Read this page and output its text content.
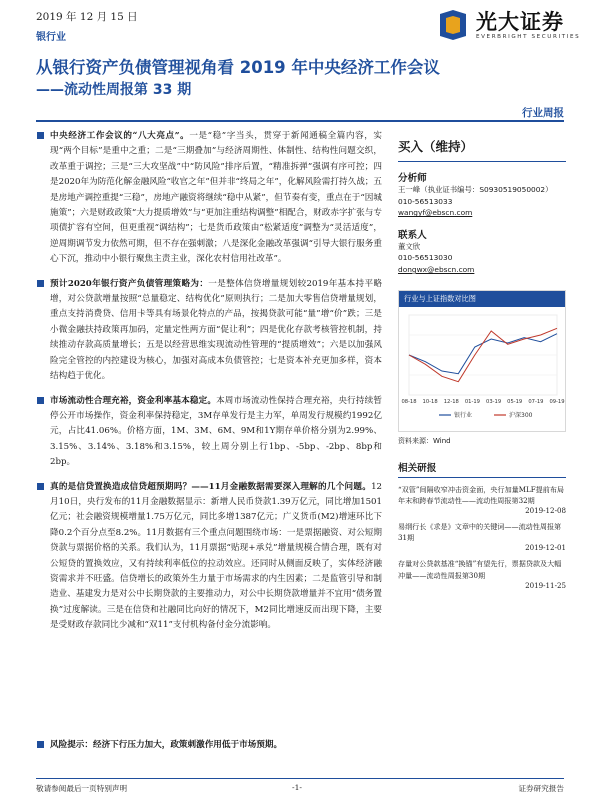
2019 年 12 月 15 日
银行业
光大证券
EVERBRIGHT SECURITIES
从银行资产负债管理视角看 2019 年中央经济工作会议
——流动性周报第 33 期
行业周报
中央经济工作会议的“八大亮点”。一是“稳”字当头，贯穿于新闻通稿全篇内容，实现“两个目标”是重中之重；二是“三期叠加”与经济周期性、体制性、结构性问题交织，改革重于调控；三是“三大攻坚战”中“防风险”排序后置，“精准拆弹”强调有序可控；四是2020年为防范化解金融风险“收官之年”但并非“终局之年”，化解风险需打持久战；五是房地产调控重提“三稳”，房地产融资将继续“稳中从紧”，但节奏有变，重点在于“因城施策”；六是财政政策“大力提质增效”与“更加注重结构调整”相配合，财政赤字扩张与专项债扩容有空间，但更重视“调结构”；七是货币政策由“松紧适度”调整为“灵活适度”，逆周期调节发力依然可期，但不存在强刺激；八是深化金融改革强调“引导大银行服务重心下沉，推动中小银行聚焦主责主业，深化农村信用社改革”。
预计2020年银行资产负债管理策略为：一是整体信贷增量规划较2019年基本持平略增，对公贷款增量按照“总量稳定、结构优化”原则执行；二是加大零售信贷增量规划，重点支持消费贷、信用卡等具有场景化特点的产品，按揭贷款可能“量”增“价”跌；三是小微金融扶持政策再加码，定量定性两方面“促让利”；四是优化存款考核管控机制，持续推动存款高质量增长；五是以经营思维实现流动性管理的“提质增效”；六是以加强风险完全管控的内控建设为核心，加强对高成本负债管控；七是资本补充更加多样，资本结构趋于优化。
市场流动性合理充裕，资金利率基本稳定。本周市场流动性保持合理充裕，央行持续暂停公开市场操作，资金利率保持稳定，3M存单发行是主力军，单周发行规模约1992亿元，占比41.06%。价格方面，1M、3M、6M、9M和1Y期存单价格分别为2.99%、3.15%、3.14%、3.18%和3.15%，较上周分别上行1bp、-5bp、-2bp、8bp和2bp。
真的是信贷置换造成信贷超预期吗？——11月金融数据需要深入理解的几个问题。12月10日，央行发布的11月金融数据显示：新增人民币贷款1.39万亿元，同比增加1501亿元；社会融资规模增量1.75万亿元，同比多增1387亿元；广义货币(M2)增速环比下降0.2个百分点至8.2%。11月数据有三个重点问题围绕市场：一是票据融资、对公短期贷款与票据价格的关系。我们认为，11月票据“贴现+承兑”增量规模合情合理，既有对公短贷的置换效应，又有持续利率低位的拉动效应。还同时从侧面反映了，实体经济融资需求并不旺盛。信贷增长的政策外生力量于市场需求的内生因素；二是监管引导和制造业、基建发力是对公中长期贷款的主要推动力，对公中长期贷款增量并不宜用“债务置换”过度解读。三是在信贷和社融同比向好的情况下，M2同比增速反而出现下降，主要是受财政存款同比少减和“双11”支付机构备付金分流影响。
风险提示：经济下行压力加大，政策刺激作用低于市场预期。
买入（维持）
分析师
王一峰（执业证书编号：S0930519050002）
010-56513033
wangyf@ebscn.com
联系人
董文欣
010-56513030
dongwx@ebscn.com
行业与上证指数对比图
08-18 10-18 12-18 01-19 03-19 05-19 07-19 09-19
银行业	沪深300
资料来源：Wind
相关研报
“双管”间隔收窄冲击资金面，央行加量MLF提前布局年末和跨春节流动性——流动性周报第32期
2019-12-08
易纲行长《求是》文章中的关键词——流动性周报第31期
2019-12-01
存量对公贷款基准“换锚”有望先行，票据贷款及大幅冲量——流动性周报第30期
2019-11-25
敬请参阅最后一页特别声明	-1-	证券研究报告
